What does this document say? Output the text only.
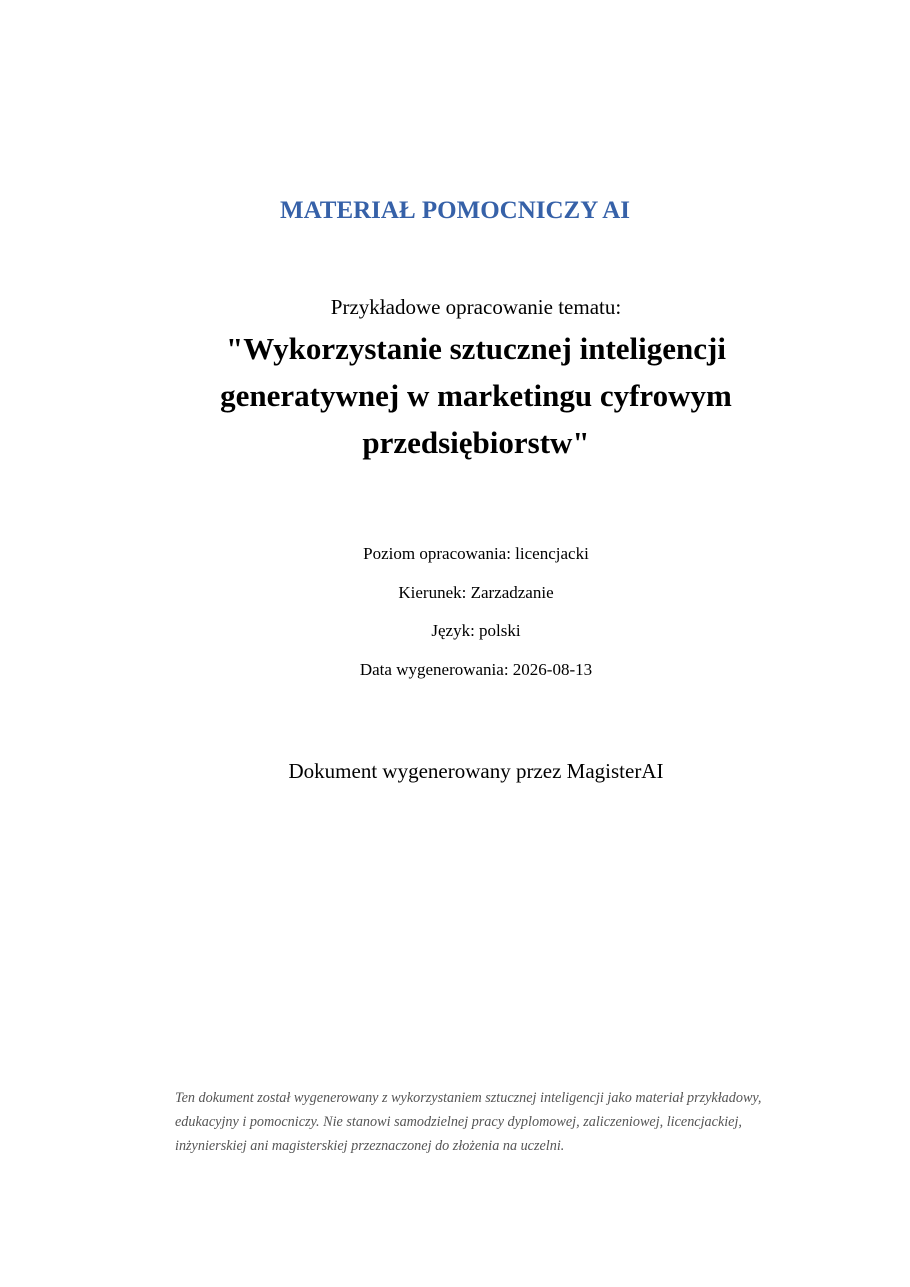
MATERIAŁ POMOCNICZY AI
Przykładowe opracowanie tematu:
"Wykorzystanie sztucznej inteligencji generatywnej w marketingu cyfrowym przedsiębiorstw"
Poziom opracowania: licencjacki
Kierunek: Zarzadzanie
Język: polski
Data wygenerowania: 2026-08-13
Dokument wygenerowany przez MagisterAI
Ten dokument został wygenerowany z wykorzystaniem sztucznej inteligencji jako materiał przykładowy, edukacyjny i pomocniczy. Nie stanowi samodzielnej pracy dyplomowej, zaliczeniowej, licencjackiej, inżynierskiej ani magisterskiej przeznaczonej do złożenia na uczelni.
